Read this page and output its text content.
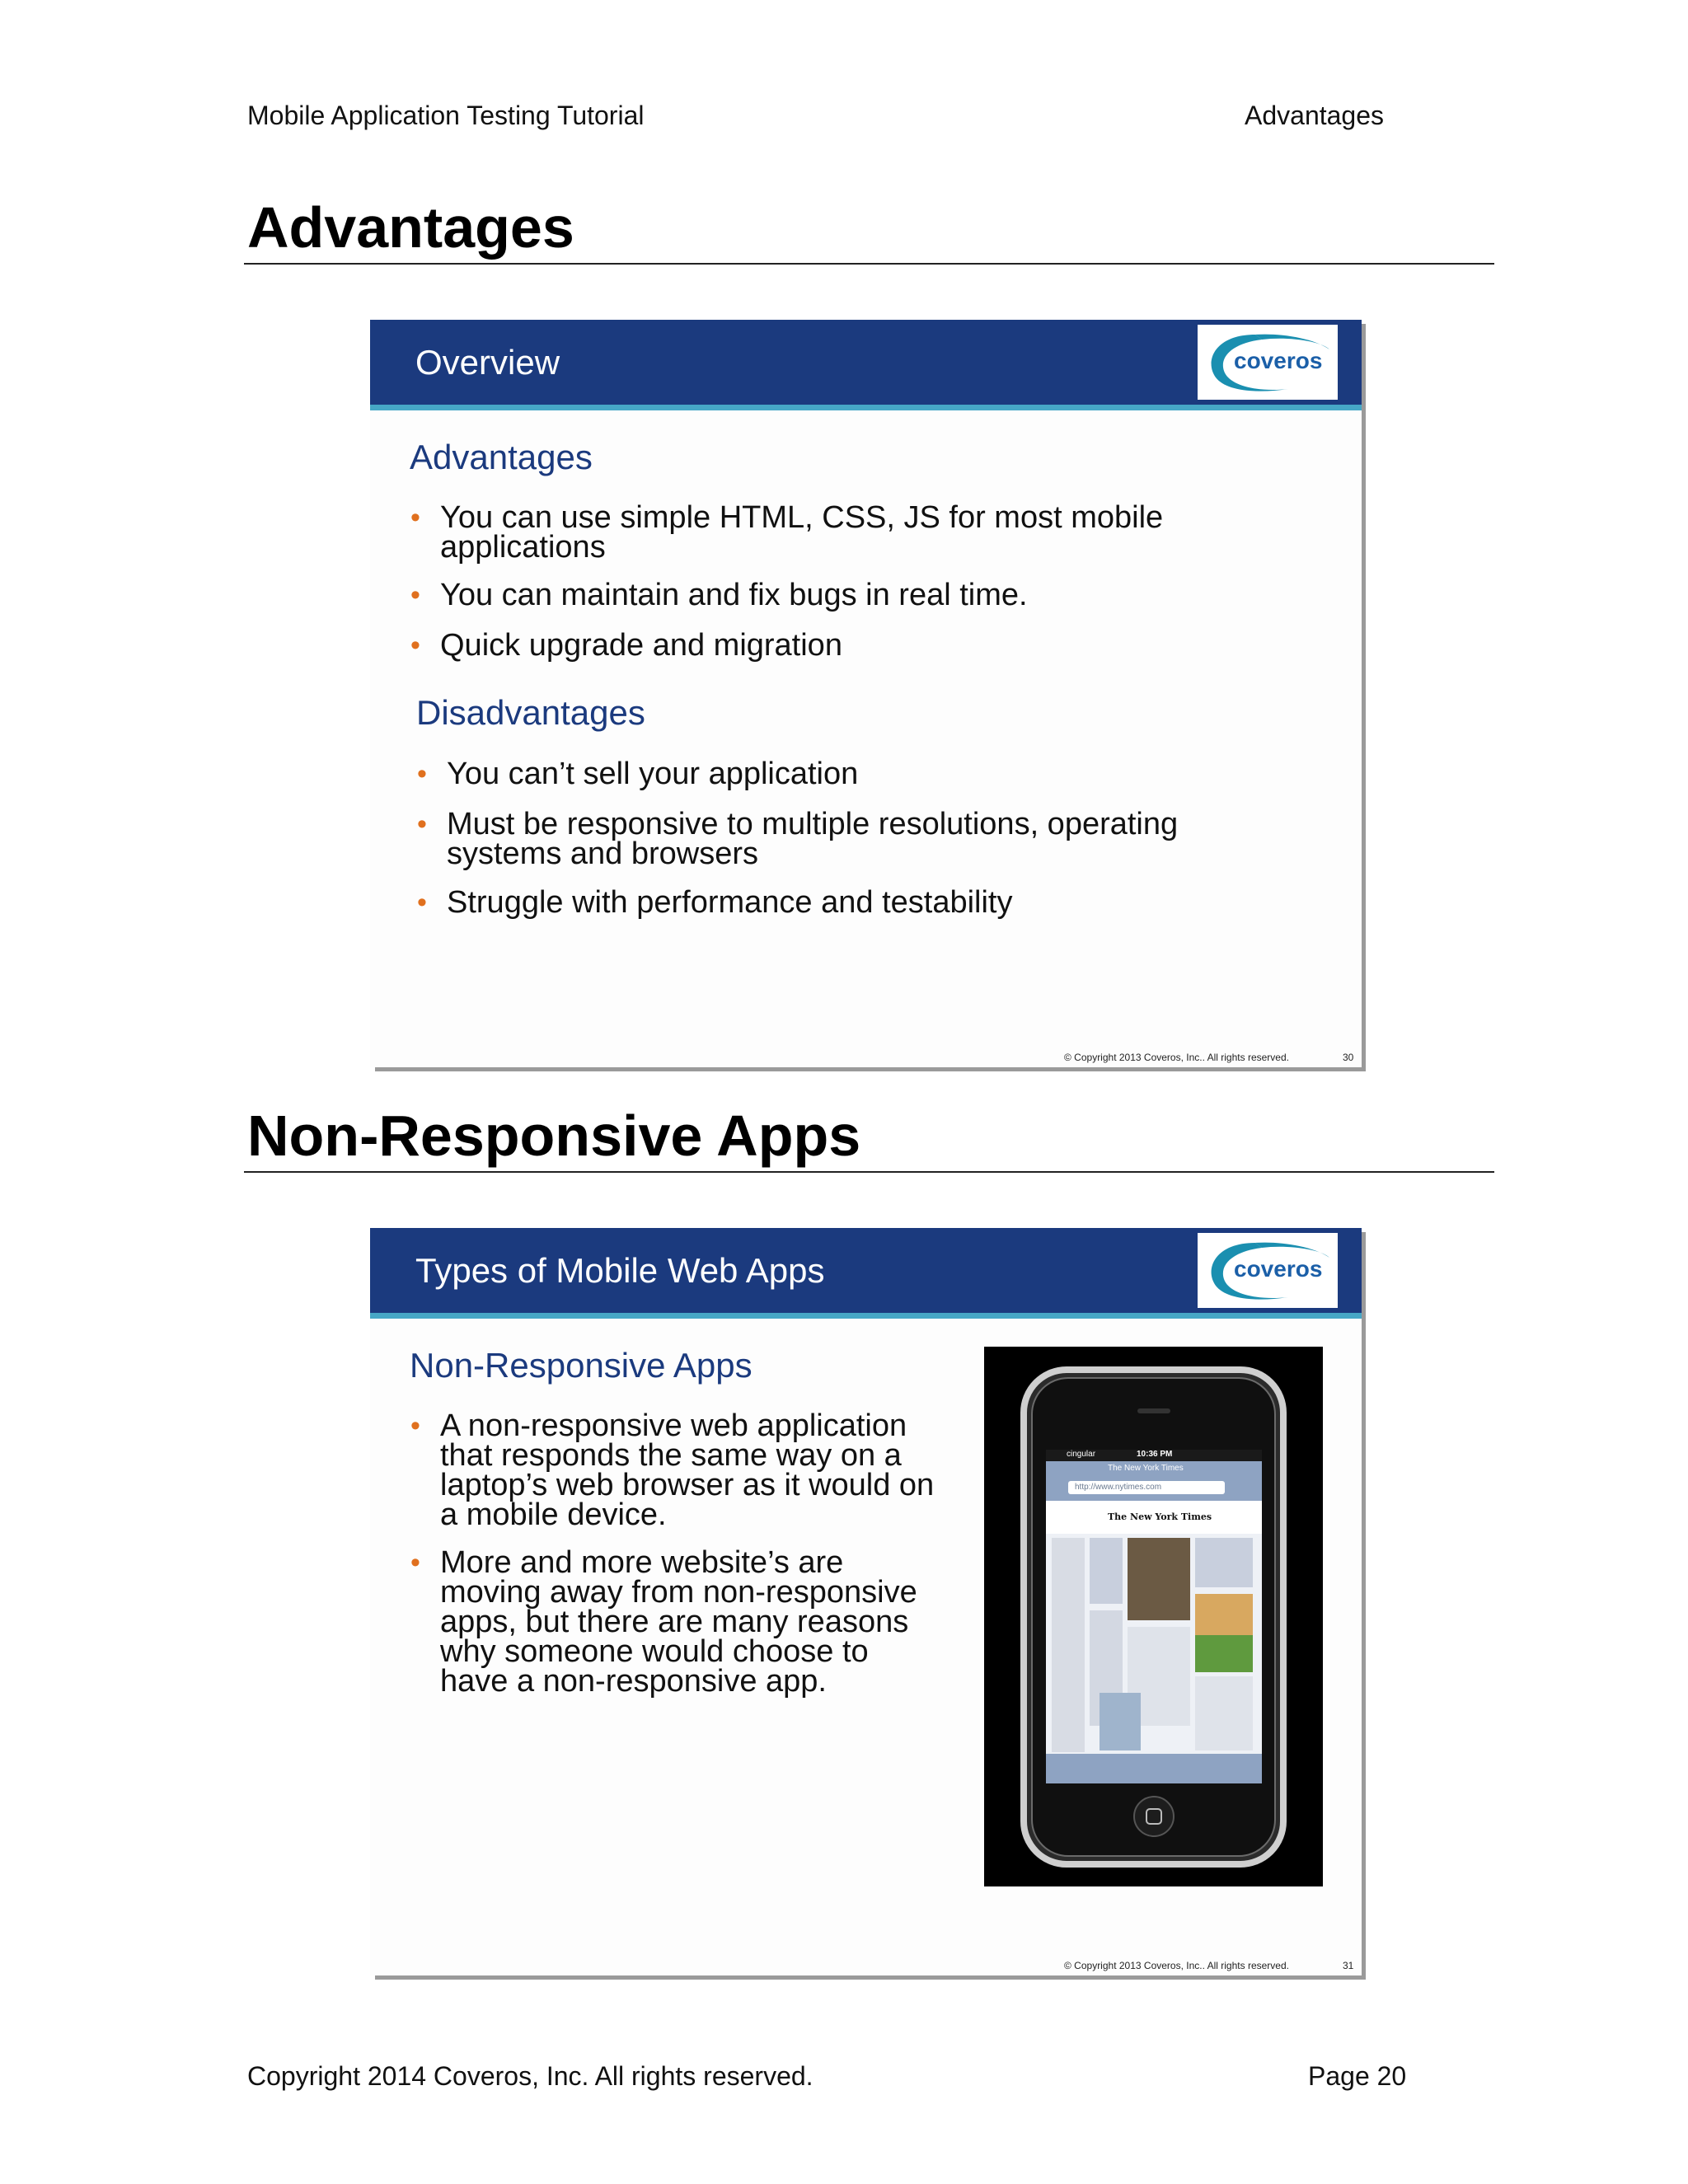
Mobile Application Testing Tutorial	Advantages
Advantages
Overview	coveros
Advantages
• You can use simple HTML, CSS, JS for most mobile
applications
• You can maintain and fix bugs in real time.
• Quick upgrade and migration
Disadvantages
• You can’t sell your application
• Must be responsive to multiple resolutions, operating
systems and browsers
• Struggle with performance and testability
© Copyright 2013 Coveros, Inc.. All rights reserved.	30
Non-Responsive Apps
Types of Mobile Web Apps	coveros
Non-Responsive Apps
• A non-responsive web application
that responds the same way on a
laptop’s web browser as it would on
a mobile device.
• More and more website’s are
moving away from non-responsive
apps, but there are many reasons
why someone would choose to
have a non-responsive app.
cingular	10:36 PM
The New York Times
http://www.nytimes.com
The New York Times
© Copyright 2013 Coveros, Inc.. All rights reserved.	31
Copyright 2014 Coveros, Inc. All rights reserved.	Page 20
